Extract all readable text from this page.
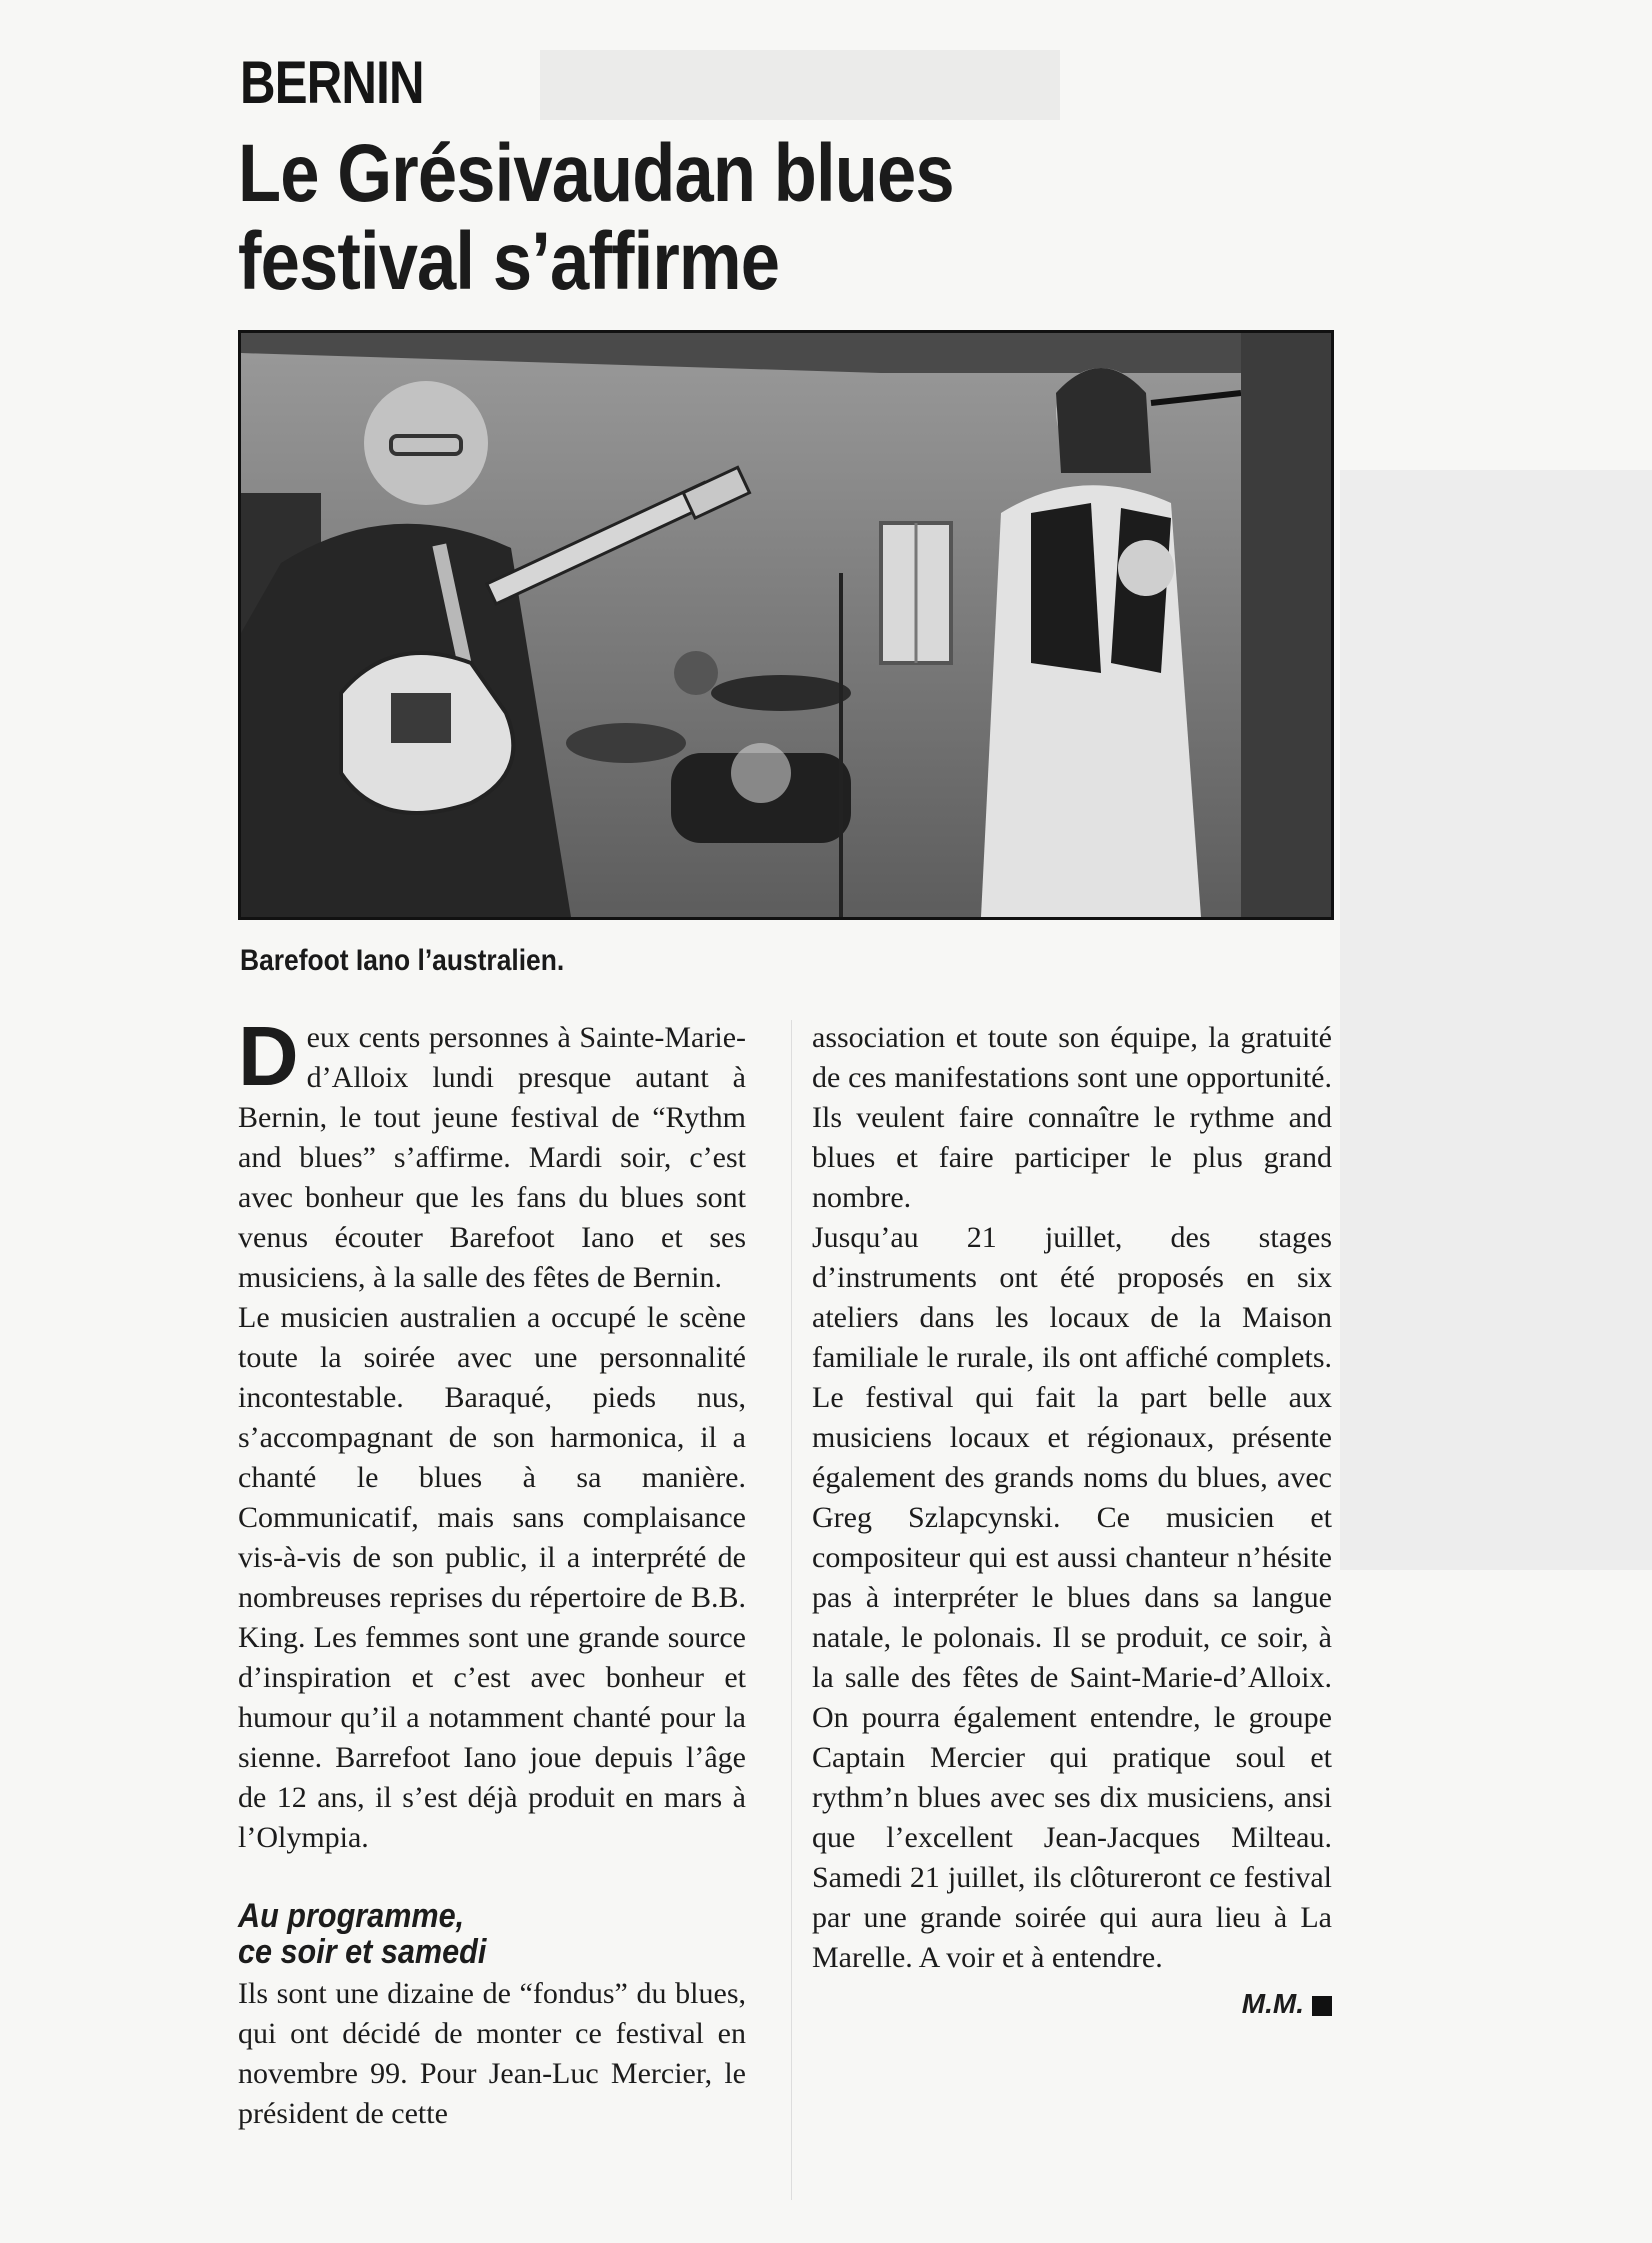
BERNIN
Le Grésivaudan blues festival s’affirme
Barefoot Iano l’australien.

Deux cents personnes à Sainte-Marie-d’Alloix lundi presque autant à Bernin, le tout jeune festival de “Rythm and blues” s’affirme. Mardi soir, c’est avec bonheur que les fans du blues sont venus écouter Barefoot Iano et ses musiciens, à la salle des fêtes de Bernin.

Le musicien australien a occupé le scène toute la soirée avec une personnalité incontestable. Baraqué, pieds nus, s’accompagnant de son harmonica, il a chanté le blues à sa manière. Communicatif, mais sans complaisance vis-à-vis de son public, il a interprété de nombreuses reprises du répertoire de B.B. King. Les femmes sont une grande source d’inspiration et c’est avec bonheur et humour qu’il a notamment chanté pour la sienne. Barrefoot Iano joue depuis l’âge de 12 ans, il s’est déjà produit en mars à l’Olympia.

Au programme,
ce soir et samedi

Ils sont une dizaine de “fondus” du blues, qui ont décidé de monter ce festival en novembre 99. Pour Jean-Luc Mercier, le président de cette

association et toute son équipe, la gratuité de ces manifestations sont une opportunité. Ils veulent faire connaître le rythme and blues et faire participer le plus grand nombre.

Jusqu’au 21 juillet, des stages d’instruments ont été proposés en six ateliers dans les locaux de la Maison familiale le rurale, ils ont affiché complets. Le festival qui fait la part belle aux musiciens locaux et régionaux, présente également des grands noms du blues, avec Greg Szlapcynski. Ce musicien et compositeur qui est aussi chanteur n’hésite pas à interpréter le blues dans sa langue natale, le polonais. Il se produit, ce soir, à la salle des fêtes de Saint-Marie-d’Alloix. On pourra également entendre, le groupe Captain Mercier qui pratique soul et rythm’n blues avec ses dix musiciens, ansi que l’excellent Jean-Jacques Milteau. Samedi 21 juillet, ils clôtureront ce festival par une grande soirée qui aura lieu à La Marelle. A voir et à entendre.

M.M.
